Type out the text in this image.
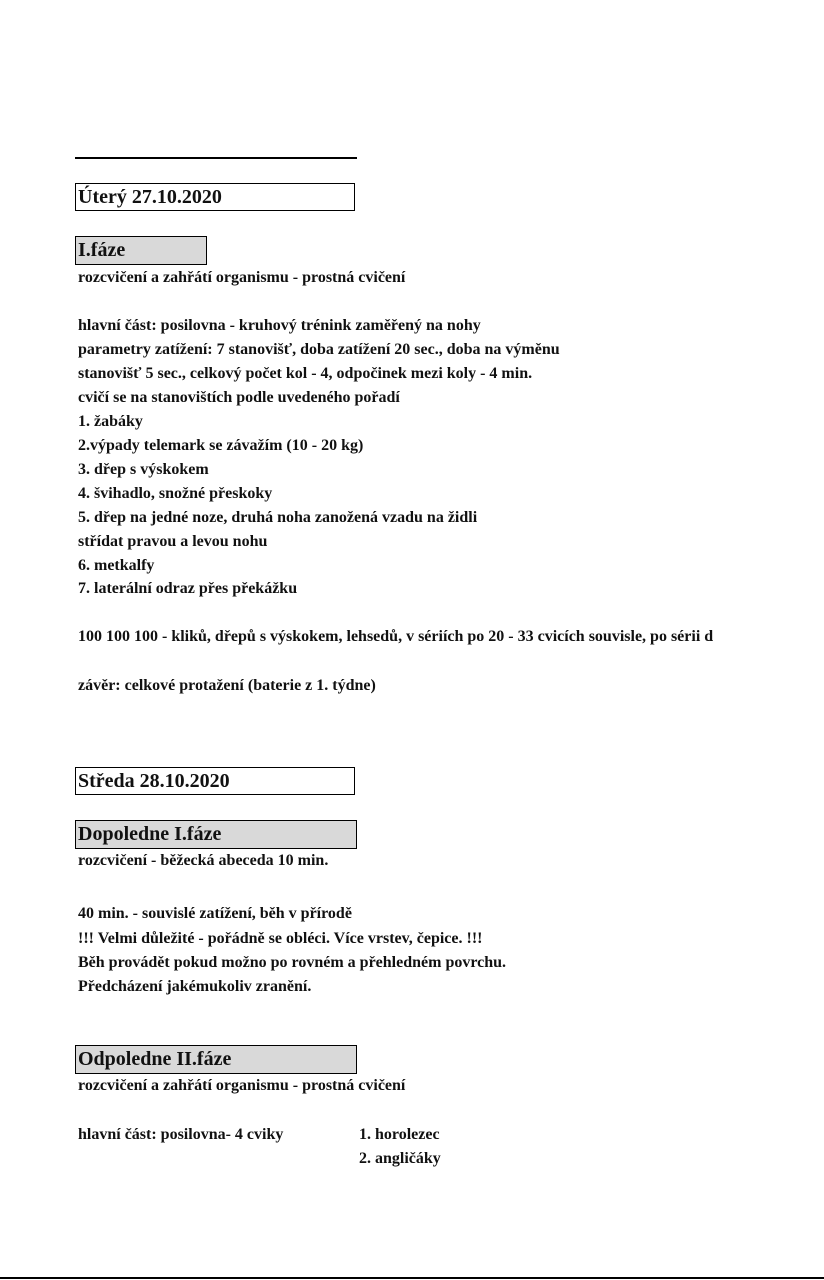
Úterý 27.10.2020
I.fáze
rozcvičení a zahřátí organismu - prostná cvičení
hlavní část: posilovna - kruhový trénink zaměřený na nohy
parametry zatížení: 7 stanovišť, doba zatížení 20 sec., doba na výměnu
stanovišť 5 sec., celkový počet kol - 4, odpočinek mezi koly - 4 min.
cvičí se na stanovištích podle uvedeného pořadí
1. žabáky
2.výpady telemark se závažím (10 - 20 kg)
3. dřep s výskokem
4. švihadlo, snožné přeskoky
5. dřep na jedné noze, druhá noha zanožená vzadu na židli
střídat pravou a levou nohu
6. metkalfy
7. laterální odraz přes překážku
100 100 100 - kliků, dřepů s výskokem, lehsedů, v sériích po 20 - 33 cvicích souvisle, po sérii d
závěr: celkové protažení (baterie z 1. týdne)
Středa 28.10.2020
Dopoledne I.fáze
rozcvičení - běžecká abeceda 10 min.
40 min. - souvislé zatížení, běh v přírodě
!!! Velmi důležité - pořádně se obléci. Více vrstev, čepice. !!!
Běh provádět pokud možno po rovném a přehledném povrchu.
Předcházení jakémukoliv zranění.
Odpoledne II.fáze
rozcvičení a zahřátí organismu - prostná cvičení
hlavní část: posilovna- 4 cviky	1. horolezec
2. angličáky
